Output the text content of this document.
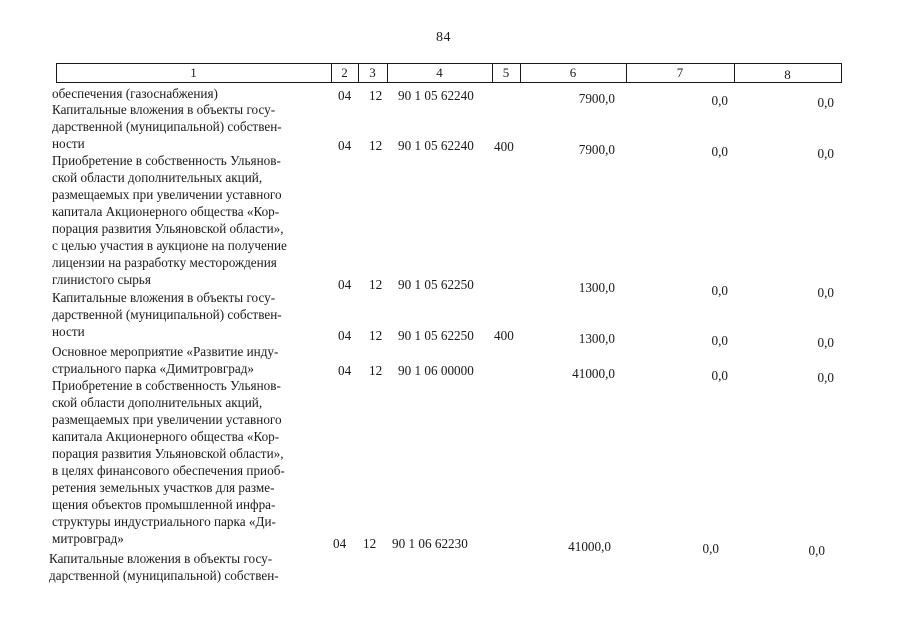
84
1	2	3	4	5	6	7	8
обеспечения (газоснабжения)	04 12 90 1 05 62240	7900,0	0,0	0,0
Капитальные вложения в объекты госу-
дарственной (муниципальной) собствен-
ности	04 12 90 1 05 62240 400	7900,0	0,0	0,0
Приобретение в собственность Ульянов-
ской области дополнительных акций,
размещаемых при увеличении уставного
капитала Акционерного общества «Кор-
порация развития Ульяновской области»,
с целью участия в аукционе на получение
лицензии на разработку месторождения
глинистого сырья	04 12 90 1 05 62250	1300,0	0,0	0,0
Капитальные вложения в объекты госу-
дарственной (муниципальной) собствен-
ности	04 12 90 1 05 62250 400	1300,0	0,0	0,0
Основное мероприятие «Развитие инду-
стриального парка «Димитровград»	04 12 90 1 06 00000	41000,0	0,0	0,0
Приобретение в собственность Ульянов-
ской области дополнительных акций,
размещаемых при увеличении уставного
капитала Акционерного общества «Кор-
порация развития Ульяновской области»,
в целях финансового обеспечения приоб-
ретения земельных участков для разме-
щения объектов промышленной инфра-
структуры индустриального парка «Ди-
митровград»	04 12 90 1 06 62230	41000,0	0,0	0,0
Капитальные вложения в объекты госу-
дарственной (муниципальной) собствен-
